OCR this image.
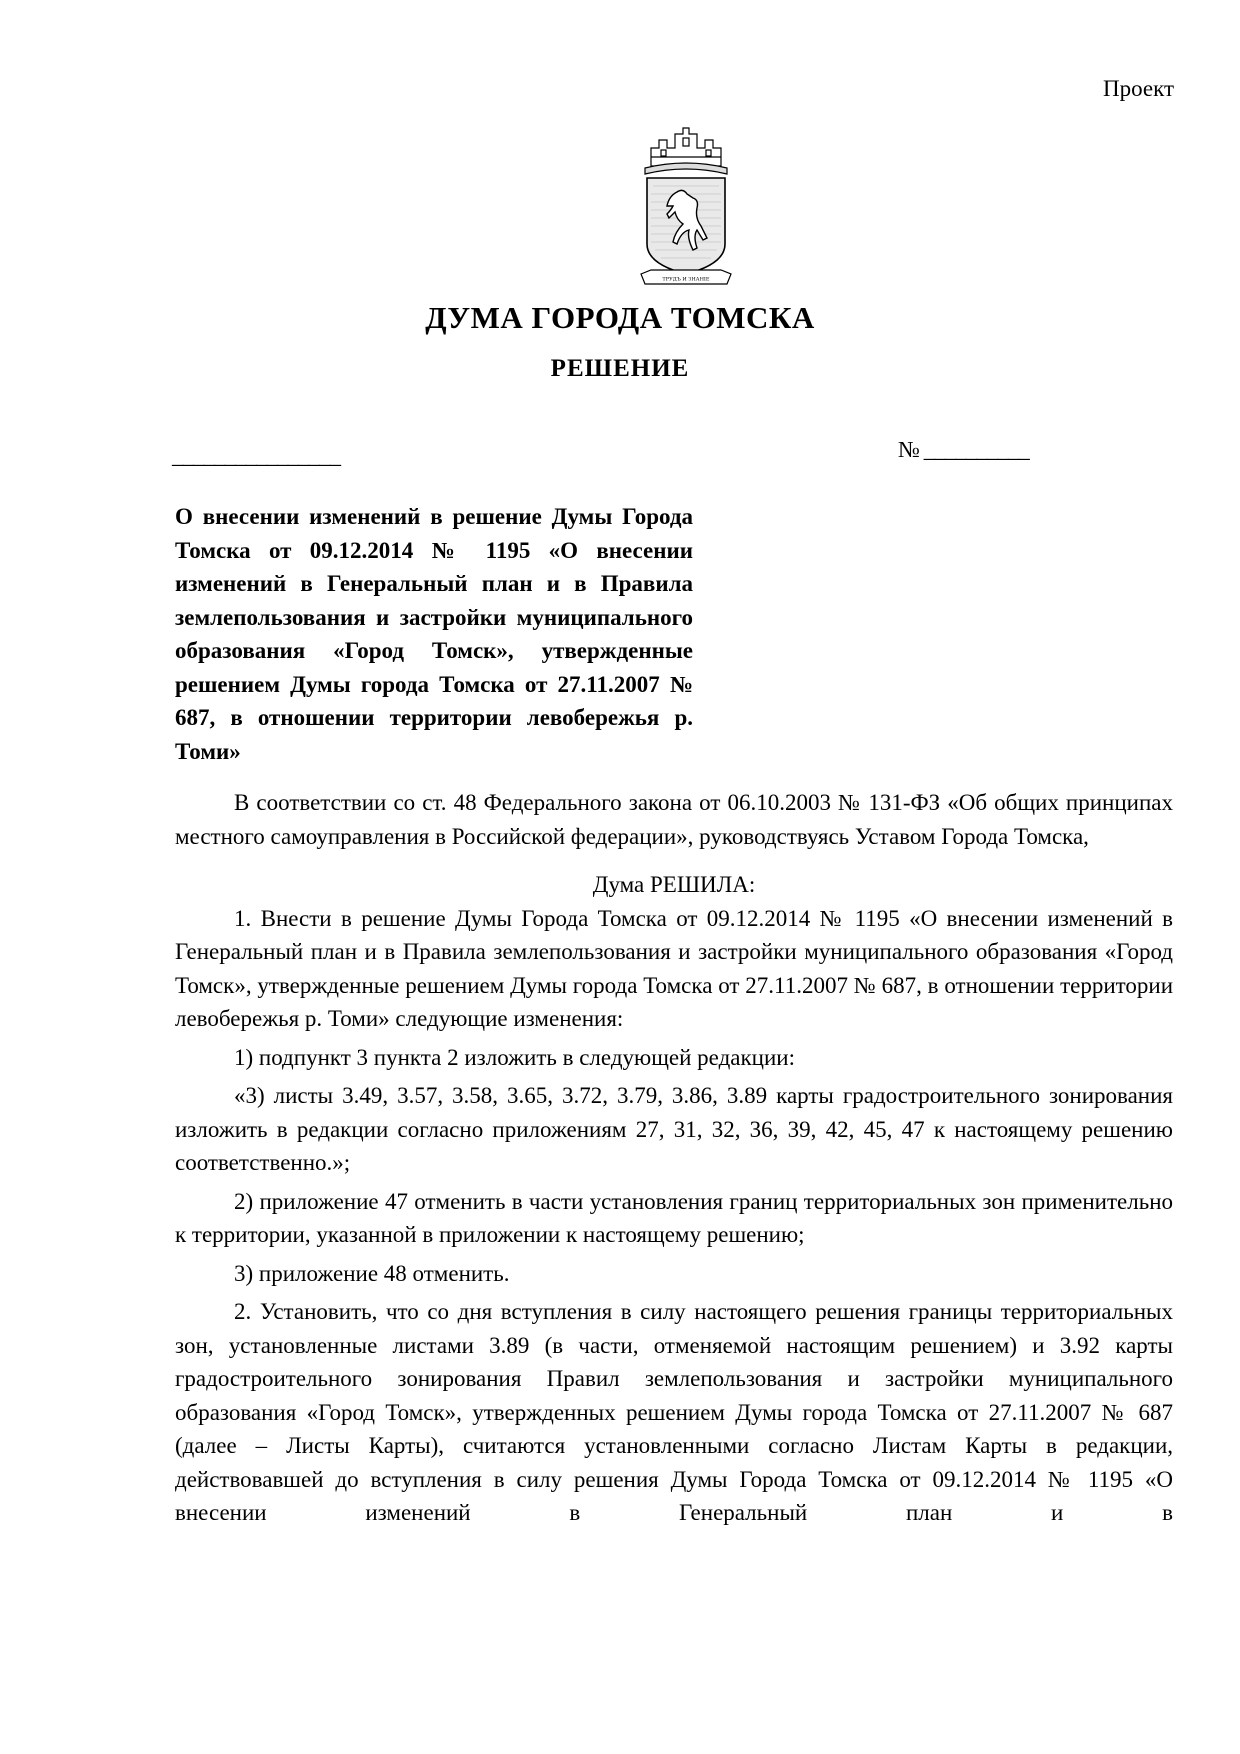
Проект
ТРУДЪ И ЗНАНІЕ
ДУМА ГОРОДА ТОМСКА
РЕШЕНИЕ
________________	№ __________
О внесении изменений в решение Думы Города Томска от 09.12.2014 № 1195 «О внесении изменений в Генеральный план и в Правила землепользования и застройки муниципального образования «Город Томск», утвержденные решением Думы города Томска от 27.11.2007 № 687, в отношении территории левобережья р. Томи»

В соответствии со ст. 48 Федерального закона от 06.10.2003 № 131-ФЗ «Об общих принципах местного самоуправления в Российской федерации», руководствуясь Уставом Города Томска,

Дума РЕШИЛА:

1. Внести в решение Думы Города Томска от 09.12.2014 № 1195 «О внесении изменений в Генеральный план и в Правила землепользования и застройки муниципального образования «Город Томск», утвержденные решением Думы города Томска от 27.11.2007 № 687, в отношении территории левобережья р. Томи» следующие изменения:

1) подпункт 3 пункта 2 изложить в следующей редакции:

«3) листы 3.49, 3.57, 3.58, 3.65, 3.72, 3.79, 3.86, 3.89 карты градостроительного зонирования изложить в редакции согласно приложениям 27, 31, 32, 36, 39, 42, 45, 47 к настоящему решению соответственно.»;

2) приложение 47 отменить в части установления границ территориальных зон применительно к территории, указанной в приложении к настоящему решению;

3) приложение 48 отменить.

2. Установить, что со дня вступления в силу настоящего решения границы территориальных зон, установленные листами 3.89 (в части, отменяемой настоящим решением) и 3.92 карты градостроительного зонирования Правил землепользования и застройки муниципального образования «Город Томск», утвержденных решением Думы города Томска от 27.11.2007 № 687 (далее – Листы Карты), считаются установленными согласно Листам Карты в редакции, действовавшей до вступления в силу решения Думы Города Томска от 09.12.2014 № 1195 «О внесении изменений в Генеральный план и в
